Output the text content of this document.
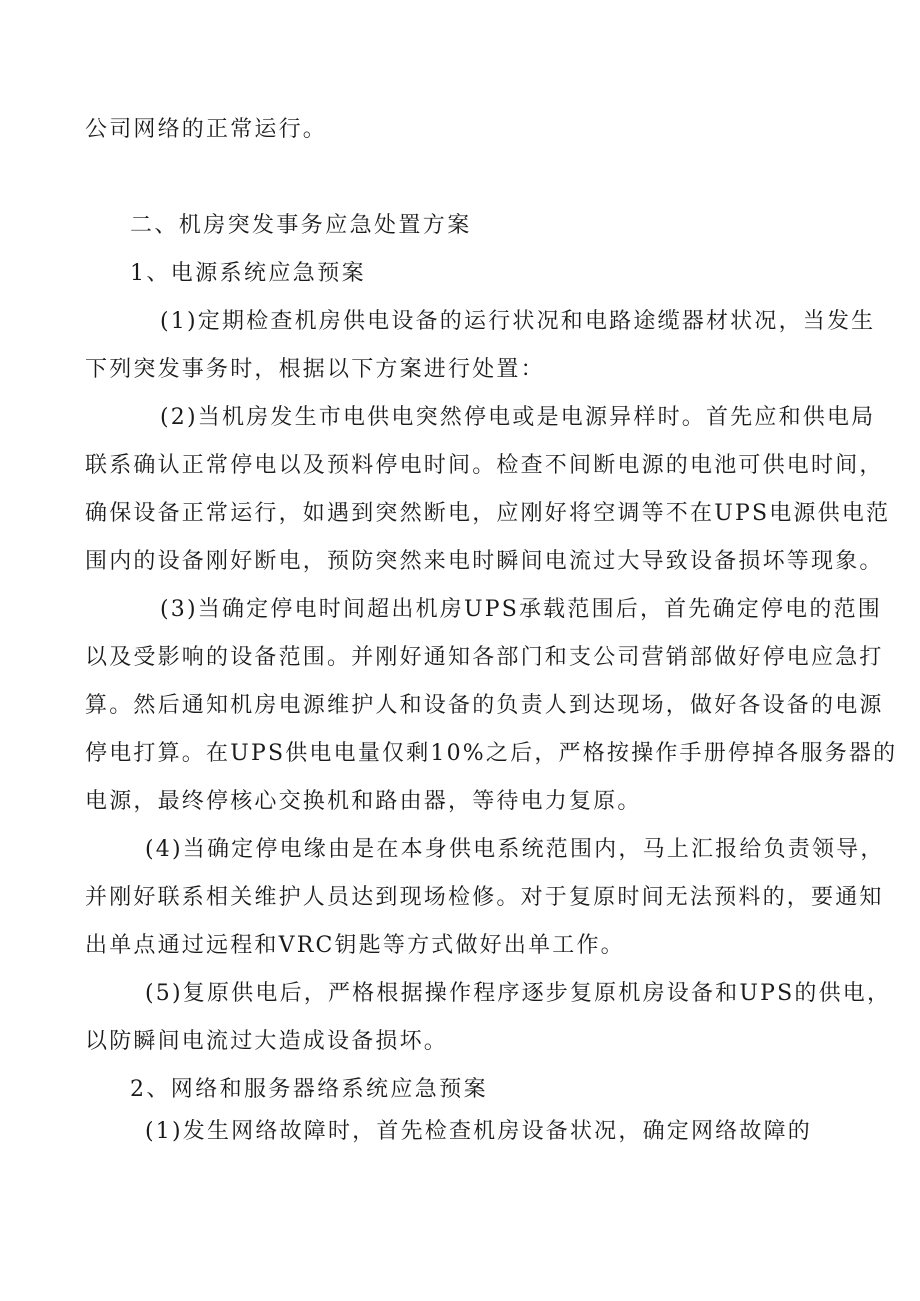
公司网络的正常运行。

二、机房突发事务应急处置方案

1、电源系统应急预案

(1)定期检查机房供电设备的运行状况和电路途缆器材状况，当发生

下列突发事务时，根据以下方案进行处置：

(2)当机房发生市电供电突然停电或是电源异样时。首先应和供电局

联系确认正常停电以及预料停电时间。检查不间断电源的电池可供电时间，

确保设备正常运行，如遇到突然断电，应刚好将空调等不在UPS电源供电范

围内的设备刚好断电，预防突然来电时瞬间电流过大导致设备损坏等现象。

(3)当确定停电时间超出机房UPS承载范围后，首先确定停电的范围

以及受影响的设备范围。并刚好通知各部门和支公司营销部做好停电应急打

算。然后通知机房电源维护人和设备的负责人到达现场，做好各设备的电源

停电打算。在UPS供电电量仅剩10%之后，严格按操作手册停掉各服务器的

电源，最终停核心交换机和路由器，等待电力复原。

(4)当确定停电缘由是在本身供电系统范围内，马上汇报给负责领导，

并刚好联系相关维护人员达到现场检修。对于复原时间无法预料的，要通知

出单点通过远程和VRC钥匙等方式做好出单工作。

(5)复原供电后，严格根据操作程序逐步复原机房设备和UPS的供电，

以防瞬间电流过大造成设备损坏。

2、网络和服务器络系统应急预案

(1)发生网络故障时，首先检查机房设备状况，确定网络故障的
